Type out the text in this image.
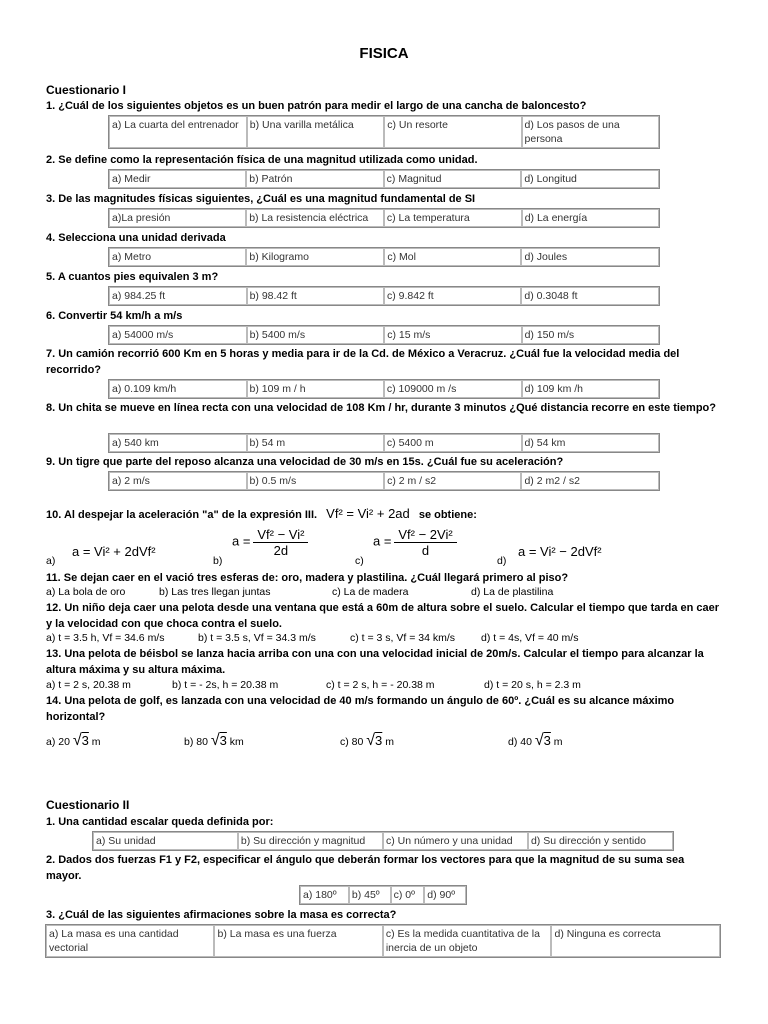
FISICA
Cuestionario I
1. ¿Cuál de los siguientes objetos es un buen patrón para medir el largo de una cancha de baloncesto?
a) La cuarta del entrenador	b) Una varilla metálica	c) Un resorte	d) Los pasos de una persona
2. Se define como la representación física de una magnitud utilizada como unidad.
a) Medir	b) Patrón	c) Magnitud	d) Longitud
3. De las magnitudes físicas siguientes, ¿Cuál es una magnitud fundamental de SI
a)La presión	b) La resistencia eléctrica	c) La temperatura	d) La energía
4. Selecciona una unidad derivada
a) Metro	b) Kilogramo	c) Mol	d) Joules
5. A cuantos pies equivalen 3 m?
a) 984.25 ft	b) 98.42 ft	c) 9.842 ft	d) 0.3048 ft
6. Convertir 54 km/h a m/s
a) 54000 m/s	b) 5400 m/s	c) 15 m/s	d) 150 m/s
7. Un camión recorrió 600 Km en 5 horas y media para ir de la Cd. de México a Veracruz. ¿Cuál fue la velocidad media del recorrido?
a) 0.109 km/h	b) 109 m / h	c) 109000 m /s	d) 109 km /h
8. Un chita se mueve en línea recta con una velocidad de 108 Km / hr, durante 3 minutos ¿Qué distancia recorre en este tiempo?
a) 540 km	b) 54 m	c) 5400 m	d) 54 km
9. Un tigre que parte del reposo alcanza una velocidad de 30 m/s en 15s. ¿Cuál fue su aceleración?
a) 2 m/s	b) 0.5 m/s	c) 2 m / s2	d) 2 m2 / s2
10. Al despejar la aceleración "a" de la expresión III. Vf² = Vi² + 2ad se obtiene:
a)
a = Vi² + 2dVf²
b)
$a = \frac{\text{Vf² − Vi²}}{2d}$
c)
$a = \frac{\text{Vf² − 2Vi²}}{d}$
d)
a = Vi² − 2dVf²
11. Se dejan caer en el vació tres esferas de: oro, madera y plastilina. ¿Cuál llegará primero al piso?
a) La bola de oro	b) Las tres llegan juntas	c) La de madera	d) La de plastilina
12. Un niño deja caer una pelota desde una ventana que está a 60m de altura sobre el suelo. Calcular el tiempo que tarda en caer y la velocidad con que choca contra el suelo.
a) t = 3.5 h, Vf = 34.6 m/s	b) t = 3.5 s, Vf = 34.3 m/s	c) t = 3 s, Vf = 34 km/s d) t = 4s, Vf = 40 m/s
13. Una pelota de béisbol se lanza hacia arriba con una con una velocidad inicial de 20m/s. Calcular el tiempo para alcanzar la altura máxima y su altura máxima.
a) t = 2 s, 20.38 m	b) t = - 2s, h = 20.38 m	c) t = 2 s, h = - 20.38 m	d) t = 20 s, h = 2.3 m
14. Una pelota de golf, es lanzada con una velocidad de 40 m/s formando un ángulo de 60º. ¿Cuál es su alcance máximo horizontal?
a) 20 √3 m	b) 80 √3 km	c) 80 √3 m	d) 40 √3 m
Cuestionario II
1. Una cantidad escalar queda definida por:
a) Su unidad	b) Su dirección y magnitud	c) Un número y una unidad	d) Su dirección y sentido
2. Dados dos fuerzas F1 y F2, especificar el ángulo que deberán formar los vectores para que la magnitud de su suma sea mayor.
a) 180º	b) 45º	c) 0º	d) 90º
3. ¿Cuál de las siguientes afirmaciones sobre la masa es correcta?
a) La masa es una cantidad vectorial	b) La masa es una fuerza	c) Es la medida cuantitativa de la inercia de un objeto	d) Ninguna es correcta
